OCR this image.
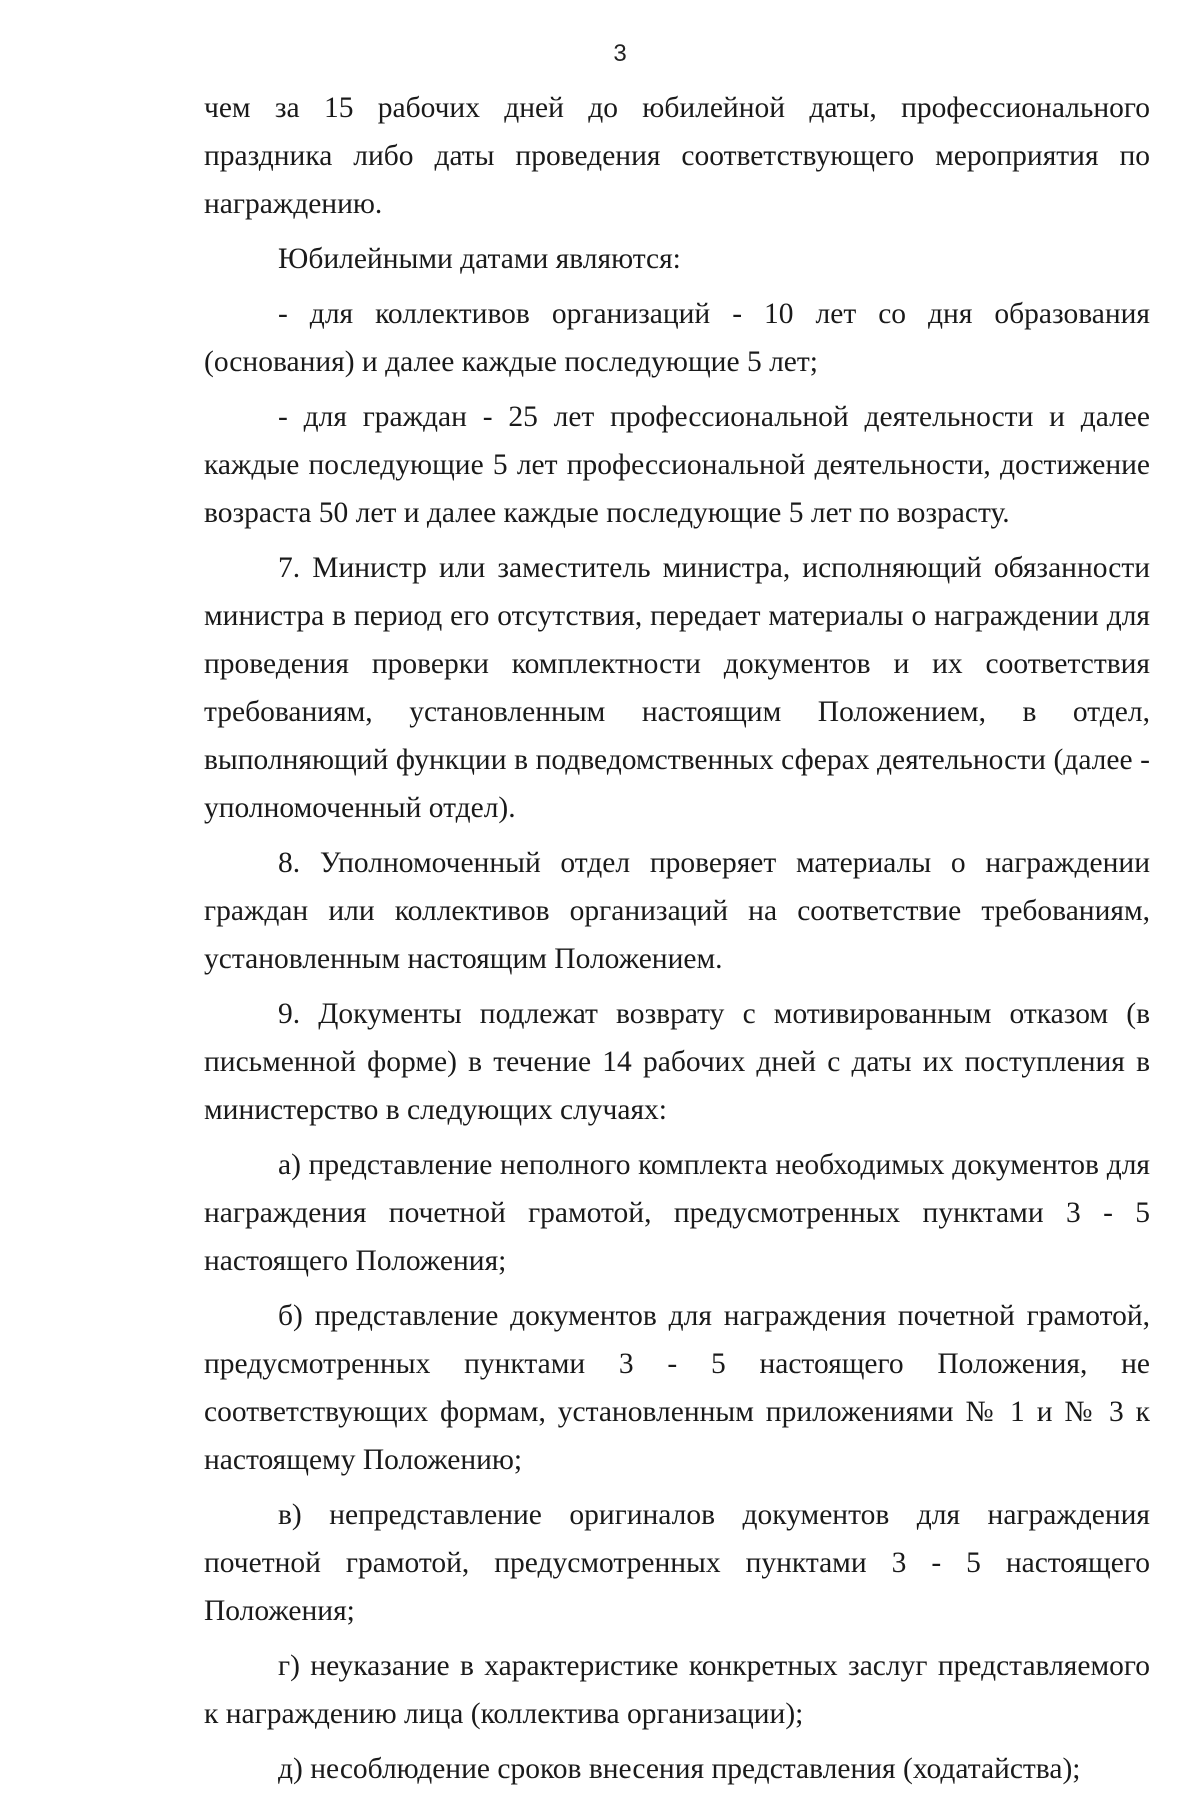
3

чем за 15 рабочих дней до юбилейной даты, профессионального праздника либо даты проведения соответствующего мероприятия по награждению.

Юбилейными датами являются:

- для коллективов организаций - 10 лет со дня образования (основания) и далее каждые последующие 5 лет;

- для граждан - 25 лет профессиональной деятельности и далее каждые последующие 5 лет профессиональной деятельности, достижение возраста 50 лет и далее каждые последующие 5 лет по возрасту.

7. Министр или заместитель министра, исполняющий обязанности министра в период его отсутствия, передает материалы о награждении для проведения проверки комплектности документов и их соответствия требованиям, установленным настоящим Положением, в отдел, выполняющий функции в подведомственных сферах деятельности (далее - уполномоченный отдел).

8. Уполномоченный отдел проверяет материалы о награждении граждан или коллективов организаций на соответствие требованиям, установленным настоящим Положением.

9. Документы подлежат возврату с мотивированным отказом (в письменной форме) в течение 14 рабочих дней с даты их поступления в министерство в следующих случаях:

а) представление неполного комплекта необходимых документов для награждения почетной грамотой, предусмотренных пунктами 3 - 5 настоящего Положения;

б) представление документов для награждения почетной грамотой, предусмотренных пунктами 3 - 5 настоящего Положения, не соответствующих формам, установленным приложениями № 1 и № 3 к настоящему Положению;

в) непредставление оригиналов документов для награждения почетной грамотой, предусмотренных пунктами 3 - 5 настоящего Положения;

г) неуказание в характеристике конкретных заслуг представляемого к награждению лица (коллектива организации);

д) несоблюдение сроков внесения представления (ходатайства);
